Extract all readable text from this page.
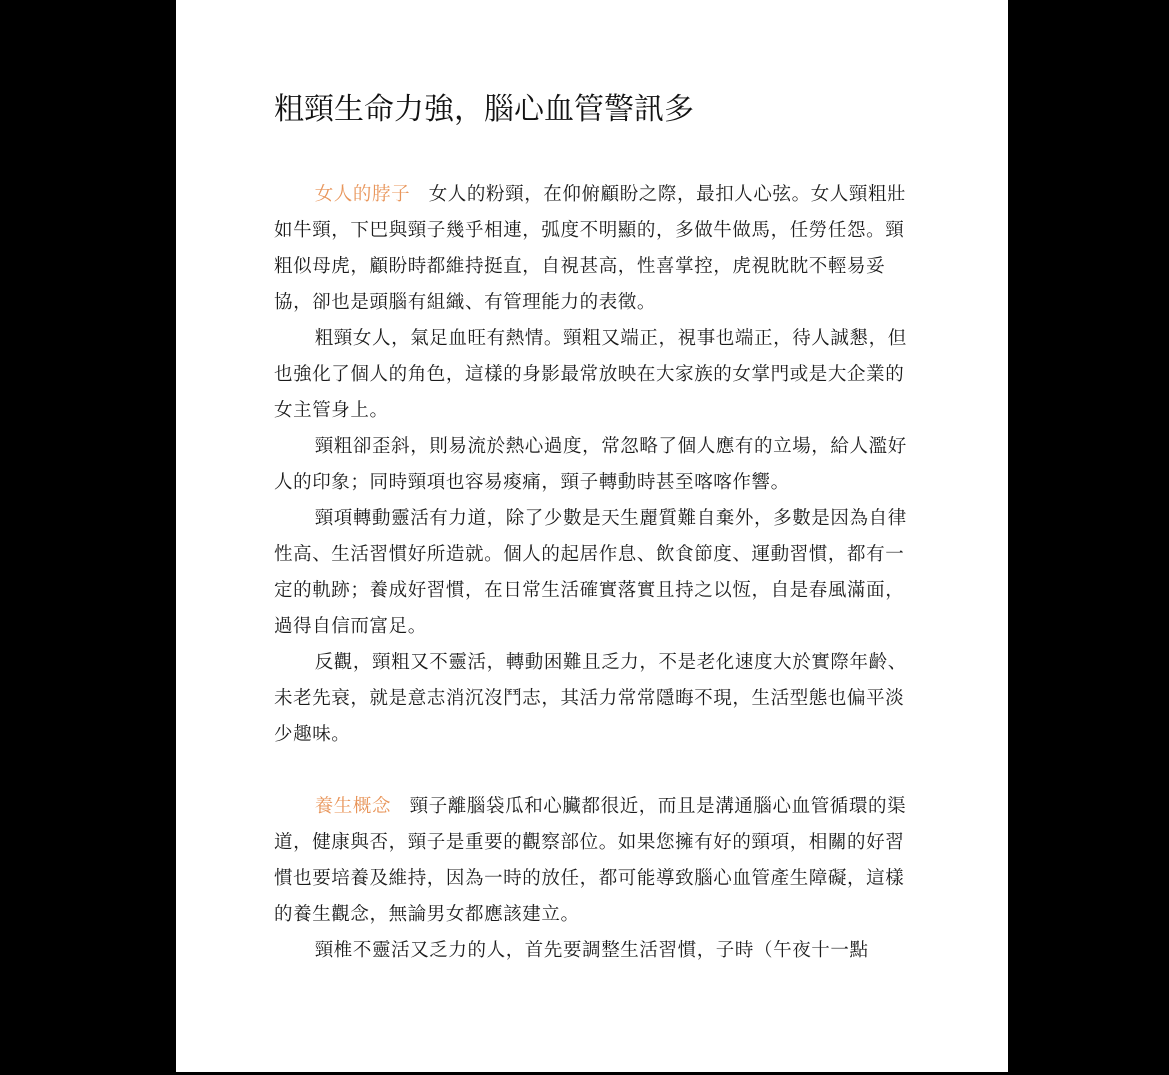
粗頸生命力強，腦心血管警訊多

女人的脖子 女人的粉頸，在仰俯顧盼之際，最扣人心弦。女人頸粗壯如牛頸，下巴與頸子幾乎相連，弧度不明顯的，多做牛做馬，任勞任怨。頸粗似母虎，顧盼時都維持挺直，自視甚高，性喜掌控，虎視眈眈不輕易妥協，卻也是頭腦有組織、有管理能力的表徵。

粗頸女人，氣足血旺有熱情。頸粗又端正，視事也端正，待人誠懇，但也強化了個人的角色，這樣的身影最常放映在大家族的女掌門或是大企業的女主管身上。

頸粗卻歪斜，則易流於熱心過度，常忽略了個人應有的立場，給人濫好人的印象；同時頸項也容易痠痛，頸子轉動時甚至喀喀作響。

頸項轉動靈活有力道，除了少數是天生麗質難自棄外，多數是因為自律性高、生活習慣好所造就。個人的起居作息、飲食節度、運動習慣，都有一定的軌跡；養成好習慣，在日常生活確實落實且持之以恆，自是春風滿面，過得自信而富足。

反觀，頸粗又不靈活，轉動困難且乏力，不是老化速度大於實際年齡、未老先衰，就是意志消沉沒鬥志，其活力常常隱晦不現，生活型態也偏平淡少趣味。

養生概念 頸子離腦袋瓜和心臟都很近，而且是溝通腦心血管循環的渠道，健康與否，頸子是重要的觀察部位。如果您擁有好的頸項，相關的好習慣也要培養及維持，因為一時的放任，都可能導致腦心血管產生障礙，這樣的養生觀念，無論男女都應該建立。

頸椎不靈活又乏力的人，首先要調整生活習慣，子時（午夜十一點
